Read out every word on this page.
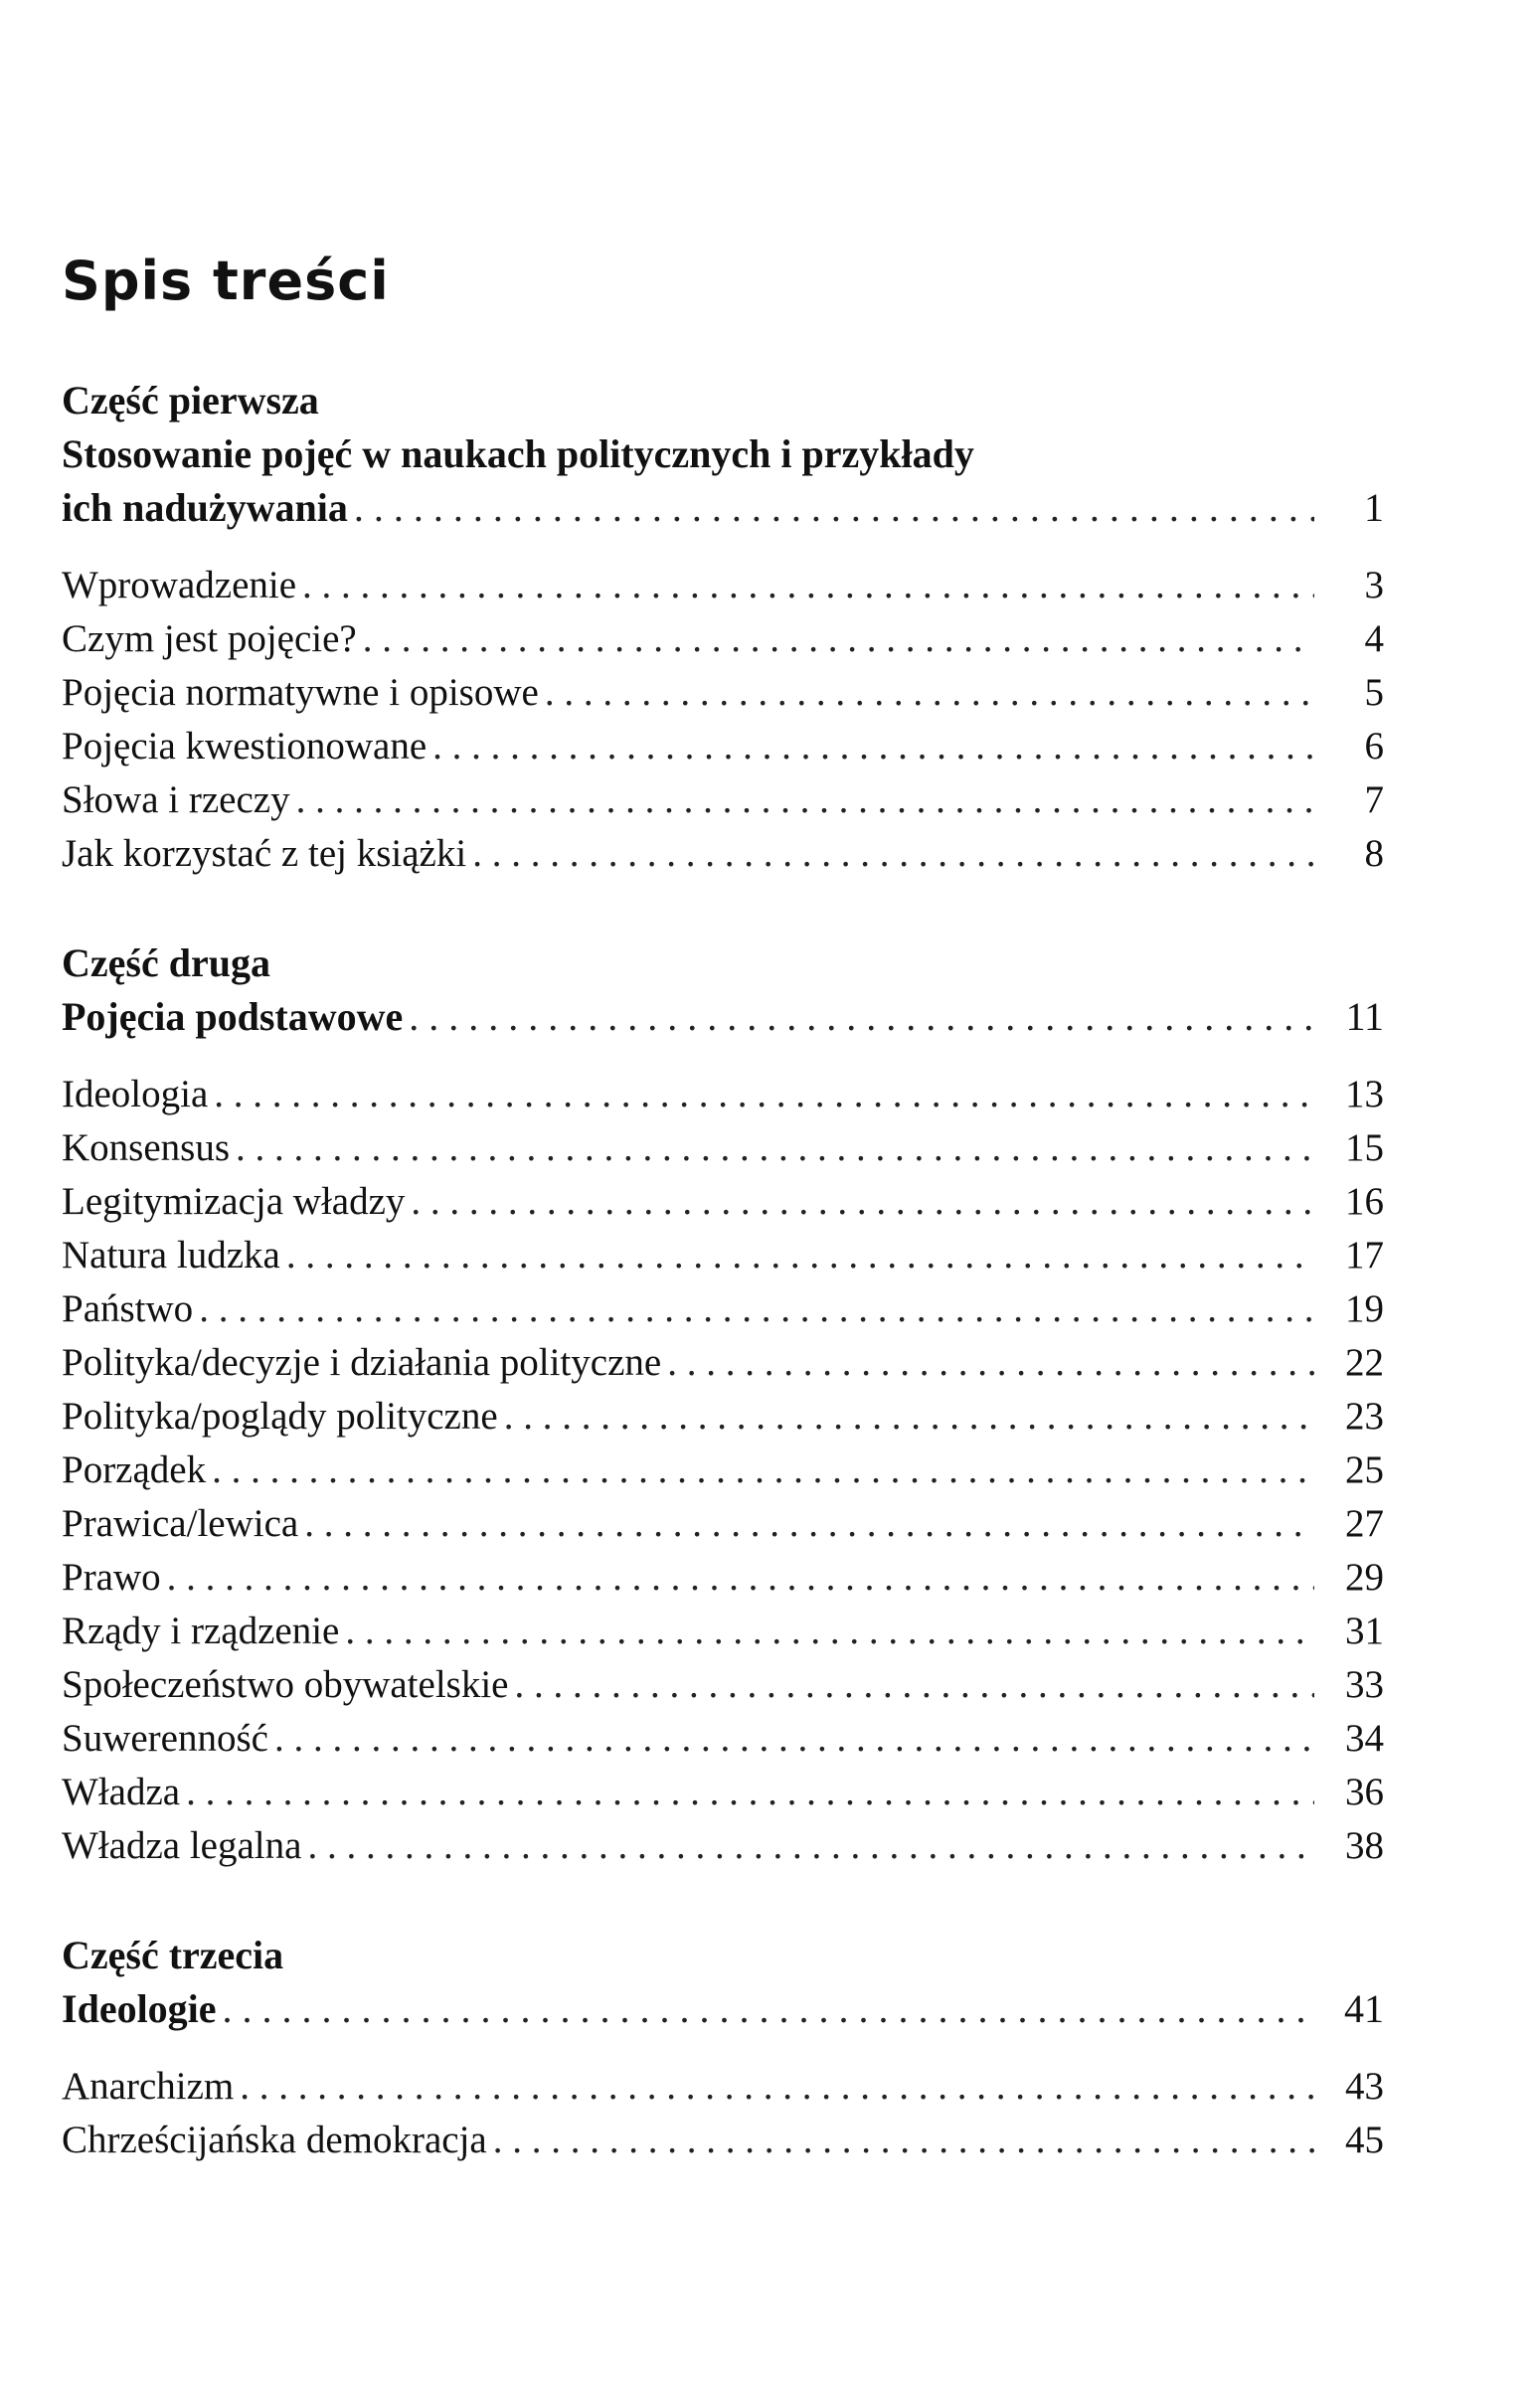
Spis treści
Część pierwsza
Stosowanie pojęć w naukach politycznych i przykłady
ich nadużywania . . .	1
Wprowadzenie . . .	3
Czym jest pojęcie? . . .	4
Pojęcia normatywne i opisowe . . .	5
Pojęcia kwestionowane . . .	6
Słowa i rzeczy . . .	7
Jak korzystać z tej książki . . .	8
Część druga
Pojęcia podstawowe . . .	11
Ideologia . . .	13
Konsensus . . .	15
Legitymizacja władzy . . .	16
Natura ludzka . . .	17
Państwo . . .	19
Polityka/decyzje i działania polityczne . . .	22
Polityka/poglądy polityczne . . .	23
Porządek . . .	25
Prawica/lewica . . .	27
Prawo . . .	29
Rządy i rządzenie . . .	31
Społeczeństwo obywatelskie . . .	33
Suwerenność . . .	34
Władza . . .	36
Władza legalna . . .	38
Część trzecia
Ideologie . . .	41
Anarchizm . . .	43
Chrześcijańska demokracja . . .	45
